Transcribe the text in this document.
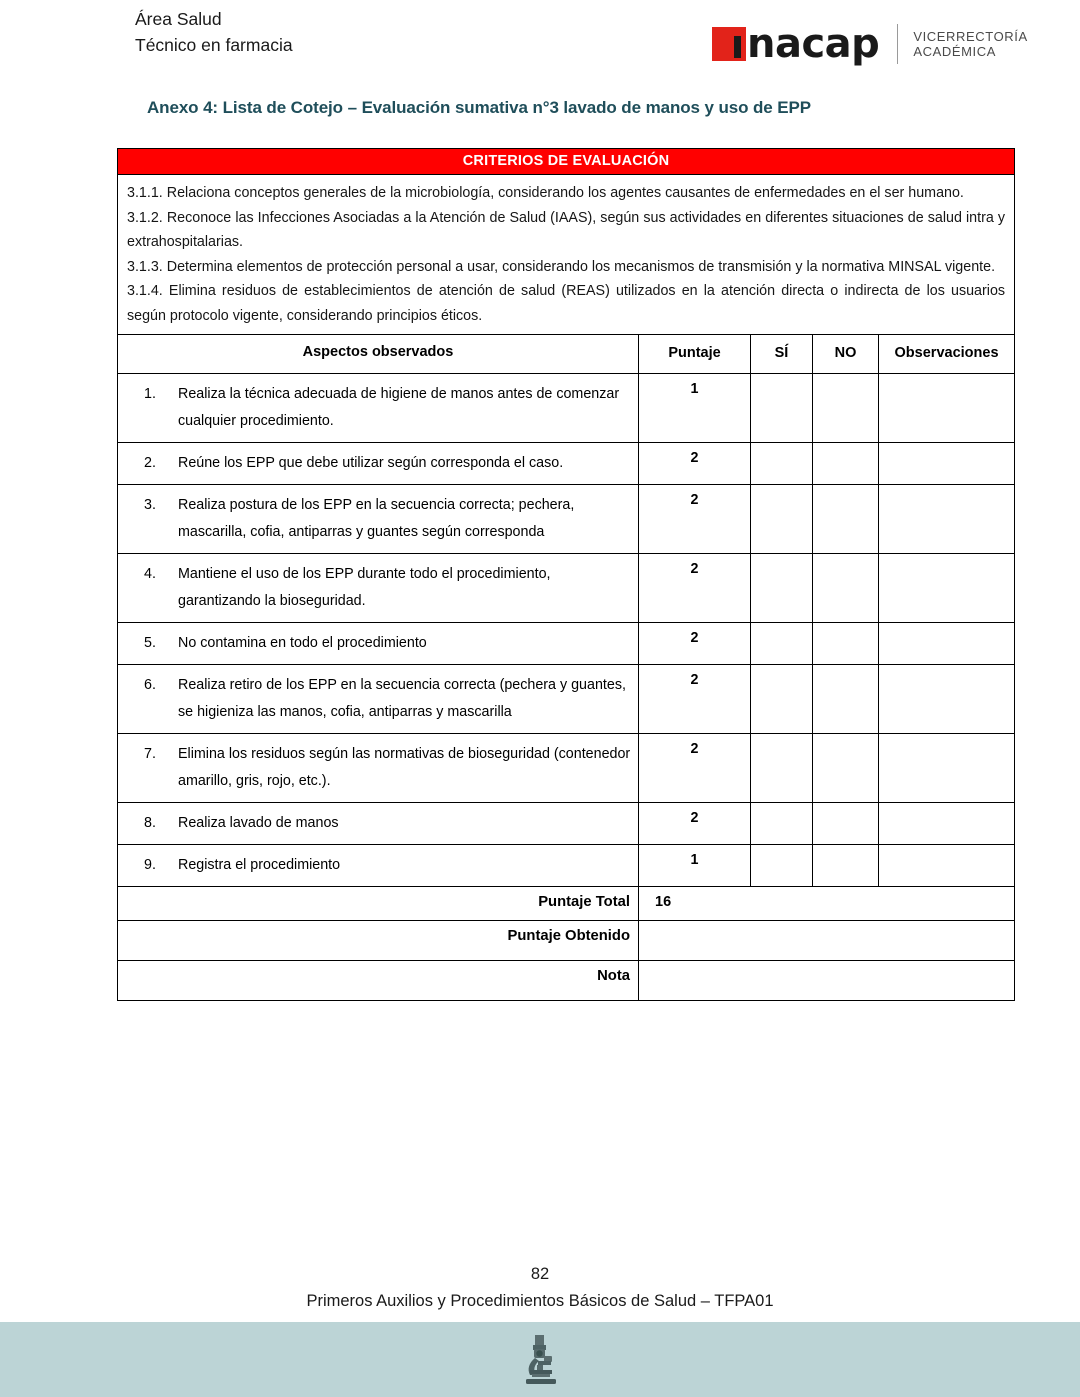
Área Salud
Técnico en farmacia	nacap	VICERRECTORÍA
ACADÉMICA
Anexo 4: Lista de Cotejo – Evaluación sumativa n°3 lavado de manos y uso de EPP
CRITERIOS DE EVALUACIÓN				

3.1.1. Relaciona conceptos generales de la microbiología, considerando los agentes causantes de enfermedades en el ser humano.

3.1.2. Reconoce las Infecciones Asociadas a la Atención de Salud (IAAS), según sus actividades en diferentes situaciones de salud intra y extrahospitalarias.

3.1.3. Determina elementos de protección personal a usar, considerando los mecanismos de transmisión y la normativa MINSAL vigente.

3.1.4. Elimina residuos de establecimientos de atención de salud (REAS) utilizados en la atención directa o indirecta de los usuarios según protocolo vigente, considerando principios éticos.				

Aspectos observados	Puntaje	SÍ	NO	Observaciones

1. Realiza la técnica adecuada de higiene de manos antes de comenzar cualquier procedimiento.	1			

2. Reúne los EPP que debe utilizar según corresponda el caso.	2			

3. Realiza postura de los EPP en la secuencia correcta; pechera, mascarilla, cofia, antiparras y guantes según corresponda	2			

4. Mantiene el uso de los EPP durante todo el procedimiento, garantizando la bioseguridad.	2			

5. No contamina en todo el procedimiento	2			

6. Realiza retiro de los EPP en la secuencia correcta (pechera y guantes, se higieniza las manos, cofia, antiparras y mascarilla	2			

7. Elimina los residuos según las normativas de bioseguridad (contenedor amarillo, gris, rojo, etc.).	2			

8. Realiza lavado de manos	2			

9. Registra el procedimiento	1			
Puntaje Total	16			
Puntaje Obtenido				
Nota				
82
Primeros Auxilios y Procedimientos Básicos de Salud – TFPA01
